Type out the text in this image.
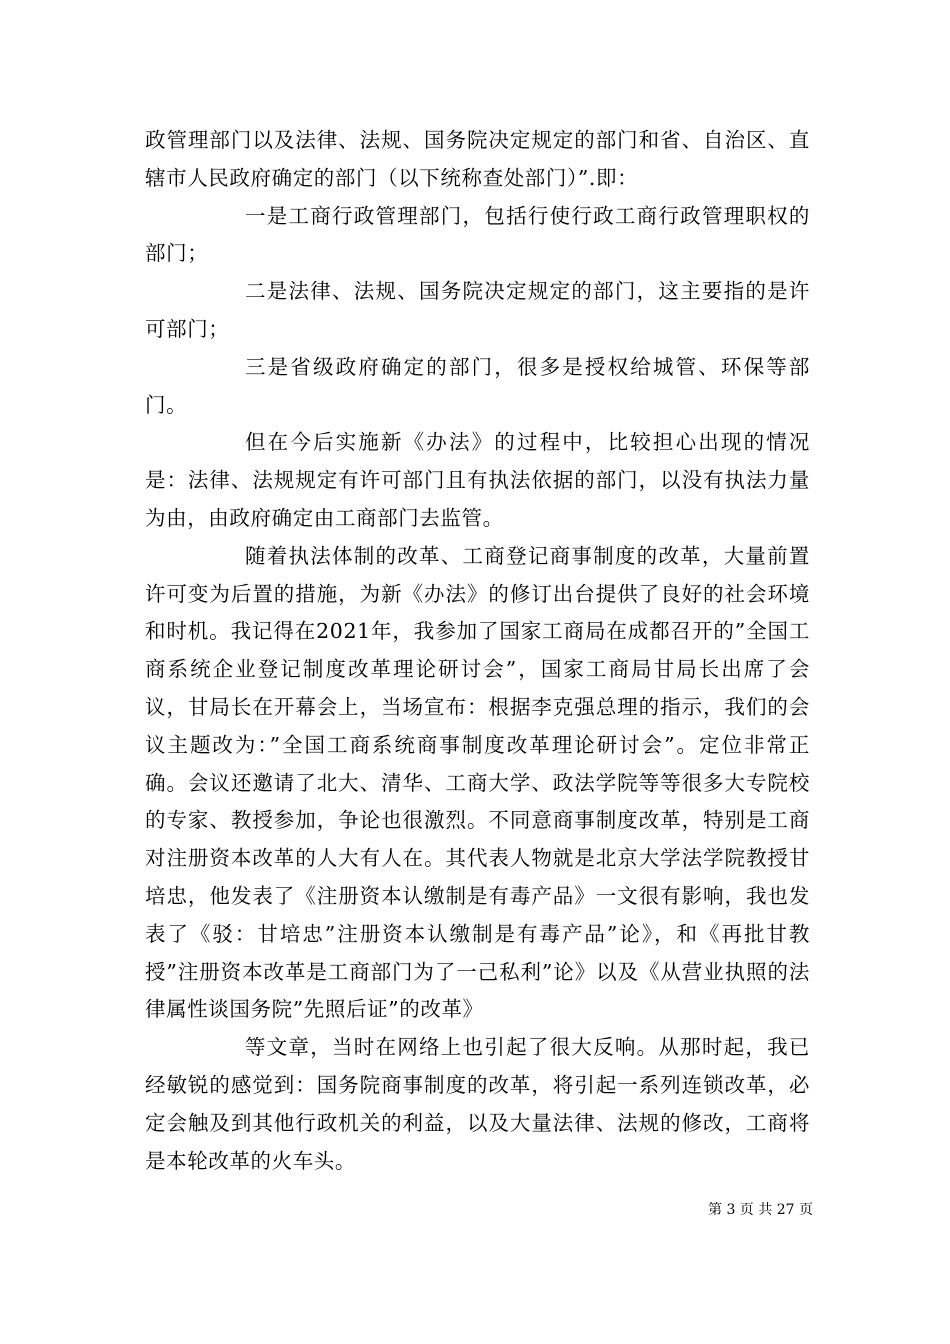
政管理部门以及法律、法规、国务院决定规定的部门和省、自治区、直辖市人民政府确定的部门（以下统称查处部门）”.即：

一是工商行政管理部门，包括行使行政工商行政管理职权的部门；

二是法律、法规、国务院决定规定的部门，这主要指的是许可部门；

三是省级政府确定的部门，很多是授权给城管、环保等部门。

但在今后实施新《办法》的过程中，比较担心出现的情况是：法律、法规规定有许可部门且有执法依据的部门，以没有执法力量为由，由政府确定由工商部门去监管。

随着执法体制的改革、工商登记商事制度的改革，大量前置许可变为后置的措施，为新《办法》的修订出台提供了良好的社会环境和时机。我记得在2021年，我参加了国家工商局在成都召开的”全国工商系统企业登记制度改革理论研讨会”，国家工商局甘局长出席了会议，甘局长在开幕会上，当场宣布：根据李克强总理的指示，我们的会议主题改为：”全国工商系统商事制度改革理论研讨会”。定位非常正确。会议还邀请了北大、清华、工商大学、政法学院等等很多大专院校的专家、教授参加，争论也很激烈。不同意商事制度改革，特别是工商对注册资本改革的人大有人在。其代表人物就是北京大学法学院教授甘培忠，他发表了《注册资本认缴制是有毒产品》一文很有影响，我也发表了《驳：甘培忠”注册资本认缴制是有毒产品”论》，和《再批甘教授”注册资本改革是工商部门为了一己私利”论》以及《从营业执照的法律属性谈国务院”先照后证”的改革》

等文章，当时在网络上也引起了很大反响。从那时起，我已经敏锐的感觉到：国务院商事制度的改革，将引起一系列连锁改革，必定会触及到其他行政机关的利益，以及大量法律、法规的修改，工商将是本轮改革的火车头。

第 3 页 共 27 页
